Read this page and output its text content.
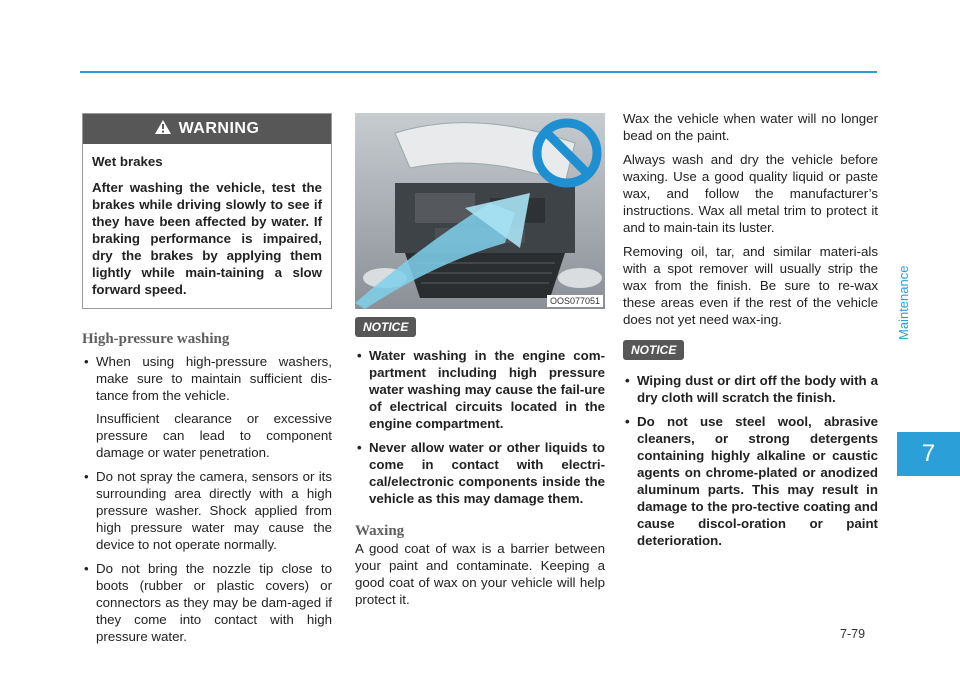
WARNING

Wet brakes

After washing the vehicle, test the brakes while driving slowly to see if they have been affected by water. If braking performance is impaired, dry the brakes by applying them lightly while main-taining a slow forward speed.

High-pressure washing
• When using high-pressure washers, make sure to maintain sufficient dis-tance from the vehicle.

Insufficient clearance or excessive pressure can lead to component damage or water penetration.

• Do not spray the camera, sensors or its surrounding area directly with a high pressure washer. Shock applied from high pressure water may cause the device to not operate normally.

• Do not bring the nozzle tip close to boots (rubber or plastic covers) or connectors as they may be dam-aged if they come into contact with high pressure water.

OOS077051
NOTICE
• Water washing in the engine com-partment including high pressure water washing may cause the fail-ure of electrical circuits located in the engine compartment.

• Never allow water or other liquids to come in contact with electri-cal/electronic components inside the vehicle as this may damage them.

Waxing

A good coat of wax is a barrier between your paint and contaminate. Keeping a good coat of wax on your vehicle will help protect it.

Wax the vehicle when water will no longer bead on the paint.

Always wash and dry the vehicle before waxing. Use a good quality liquid or paste wax, and follow the manufacturer’s instructions. Wax all metal trim to protect it and to main-tain its luster.

Removing oil, tar, and similar materi-als with a spot remover will usually strip the wax from the finish. Be sure to re-wax these areas even if the rest of the vehicle does not yet need wax-ing.

NOTICE
• Wiping dust or dirt off the body with a dry cloth will scratch the finish.

• Do not use steel wool, abrasive cleaners, or strong detergents containing highly alkaline or caustic agents on chrome-plated or anodized aluminum parts. This may result in damage to the pro-tective coating and cause discol-oration or paint deterioration.

Maintenance
7
7-79
